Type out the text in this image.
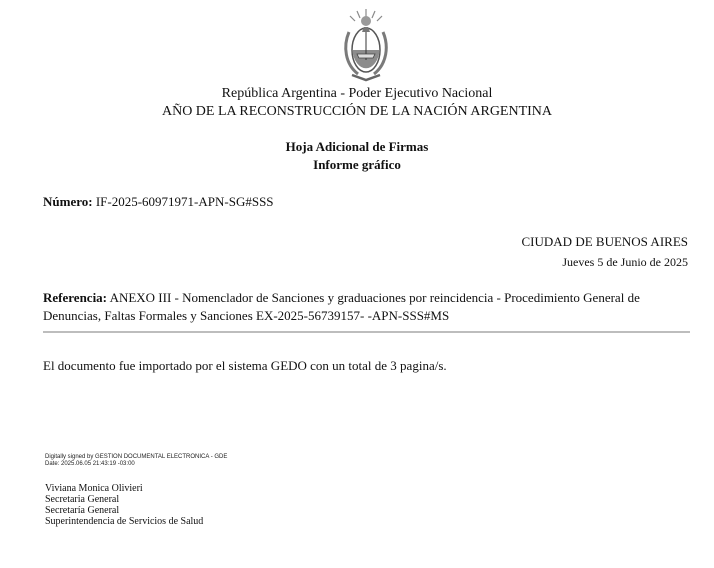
República Argentina - Poder Ejecutivo Nacional
AÑO DE LA RECONSTRUCCIÓN DE LA NACIÓN ARGENTINA
Hoja Adicional de Firmas
Informe gráfico
Número: IF-2025-60971971-APN-SG#SSS
CIUDAD DE BUENOS AIRES
Jueves 5 de Junio de 2025
Referencia: ANEXO III - Nomenclador de Sanciones y graduaciones por reincidencia - Procedimiento General de Denuncias, Faltas Formales y Sanciones EX-2025-56739157- -APN-SSS#MS
El documento fue importado por el sistema GEDO con un total de 3 pagina/s.
Digitally signed by GESTION DOCUMENTAL ELECTRONICA - GDE
Date: 2025.06.05 21:43:19 -03:00
Viviana Monica Olivieri
Secretaria General
Secretaría General
Superintendencia de Servicios de Salud
